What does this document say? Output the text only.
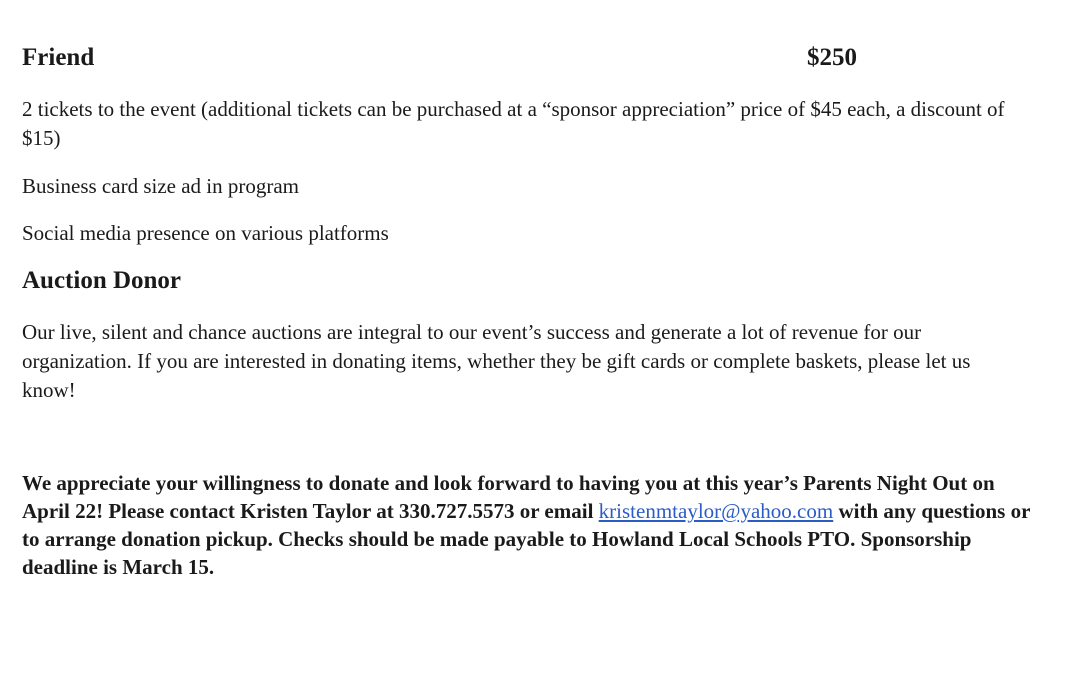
Friend	$250
2 tickets to the event (additional tickets can be purchased at a “sponsor appreciation” price of $45 each, a discount of $15)
Business card size ad in program
Social media presence on various platforms
Auction Donor
Our live, silent and chance auctions are integral to our event’s success and generate a lot of revenue for our organization. If you are interested in donating items, whether they be gift cards or complete baskets, please let us know!
We appreciate your willingness to donate and look forward to having you at this year’s Parents Night Out on April 22! Please contact Kristen Taylor at 330.727.5573 or email kristenmtaylor@yahoo.com with any questions or to arrange donation pickup. Checks should be made payable to Howland Local Schools PTO. Sponsorship deadline is March 15.
